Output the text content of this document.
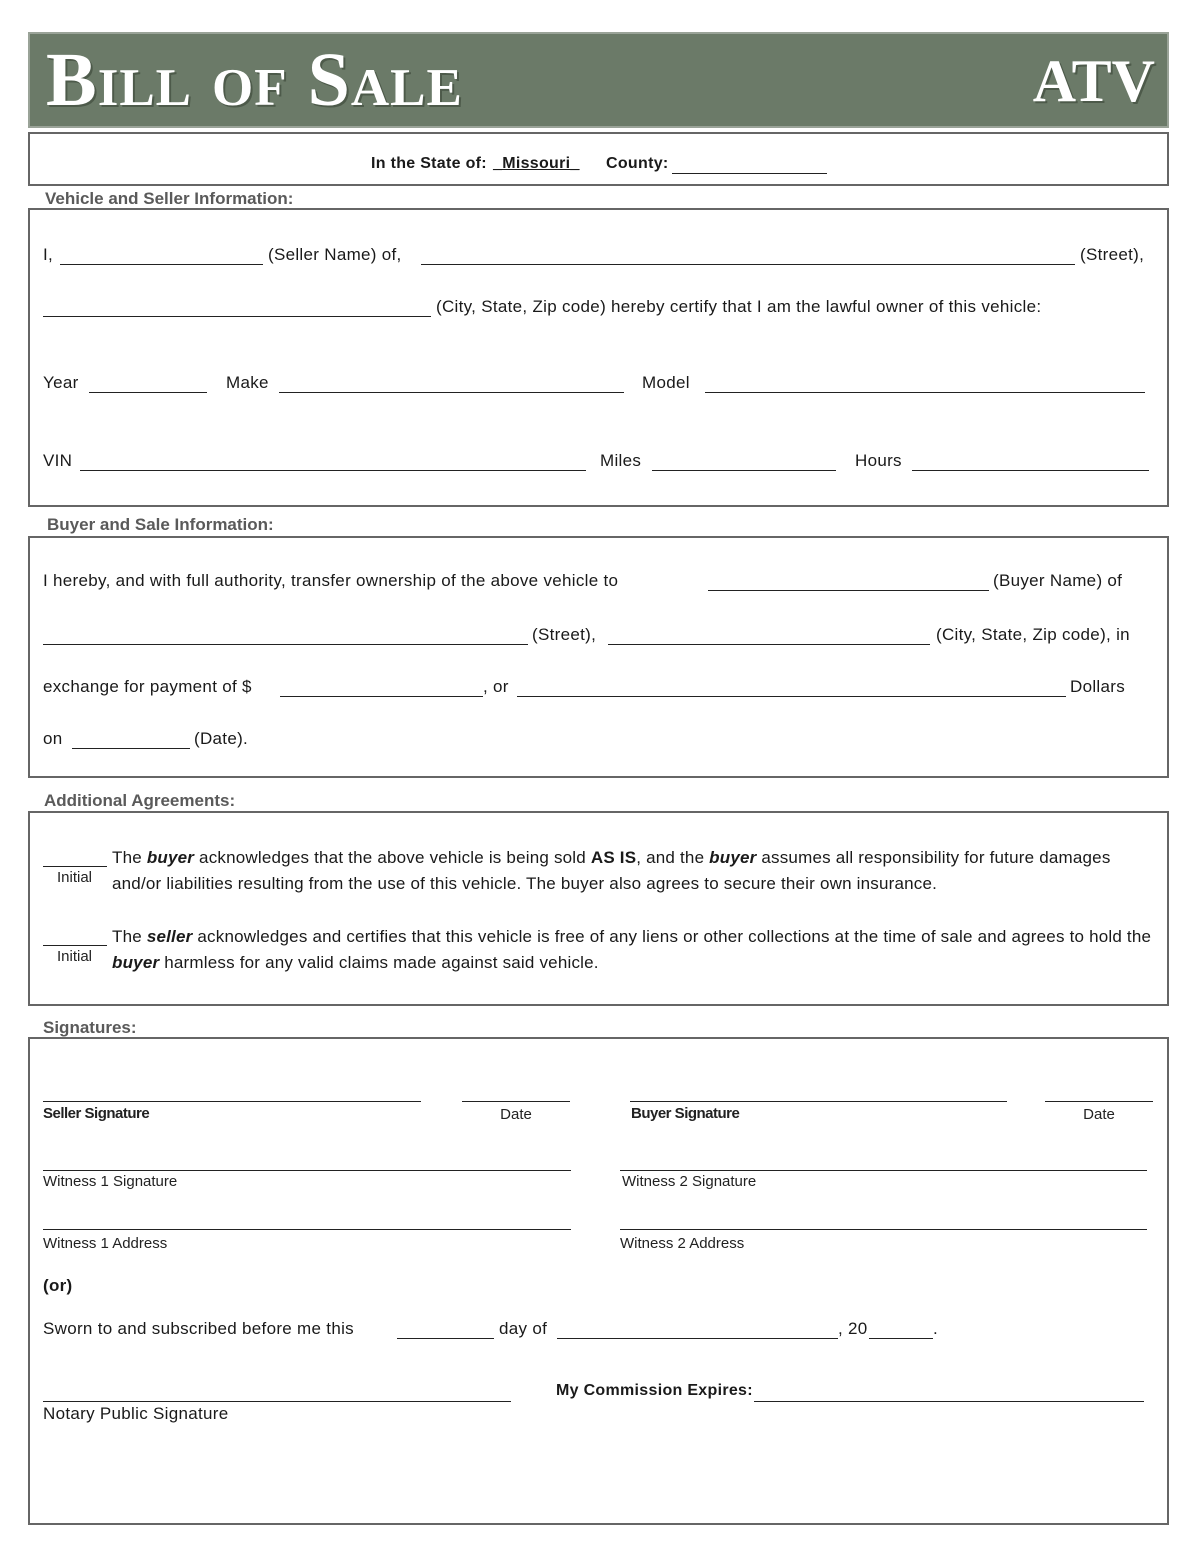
Bill of Sale	ATV
In the State of: _Missouri_ County:
Vehicle and Seller Information:
I,	(Seller Name) of,	(Street),
(City, State, Zip code) hereby certify that I am the lawful owner of this vehicle:
Year	Make	Model
VIN	Miles	Hours
Buyer and Sale Information:
I hereby, and with full authority, transfer ownership of the above vehicle to	(Buyer Name) of
(Street),	(City, State, Zip code), in
exchange for payment of $	, or	Dollars
on	(Date).
Additional Agreements:
Initial
The buyer acknowledges that the above vehicle is being sold AS IS, and the buyer assumes all responsibility for future damages and/or liabilities resulting from the use of this vehicle. The buyer also agrees to secure their own insurance.
Initial
The seller acknowledges and certifies that this vehicle is free of any liens or other collections at the time of sale and agrees to hold the buyer harmless for any valid claims made against said vehicle.
Signatures:
Seller Signature	Date	Buyer Signature	Date
Witness 1 Signature	Witness 2 Signature
Witness 1 Address	Witness 2 Address
(or)
Sworn to and subscribed before me this	day of	, 20	.
Notary Public Signature
My Commission Expires:
